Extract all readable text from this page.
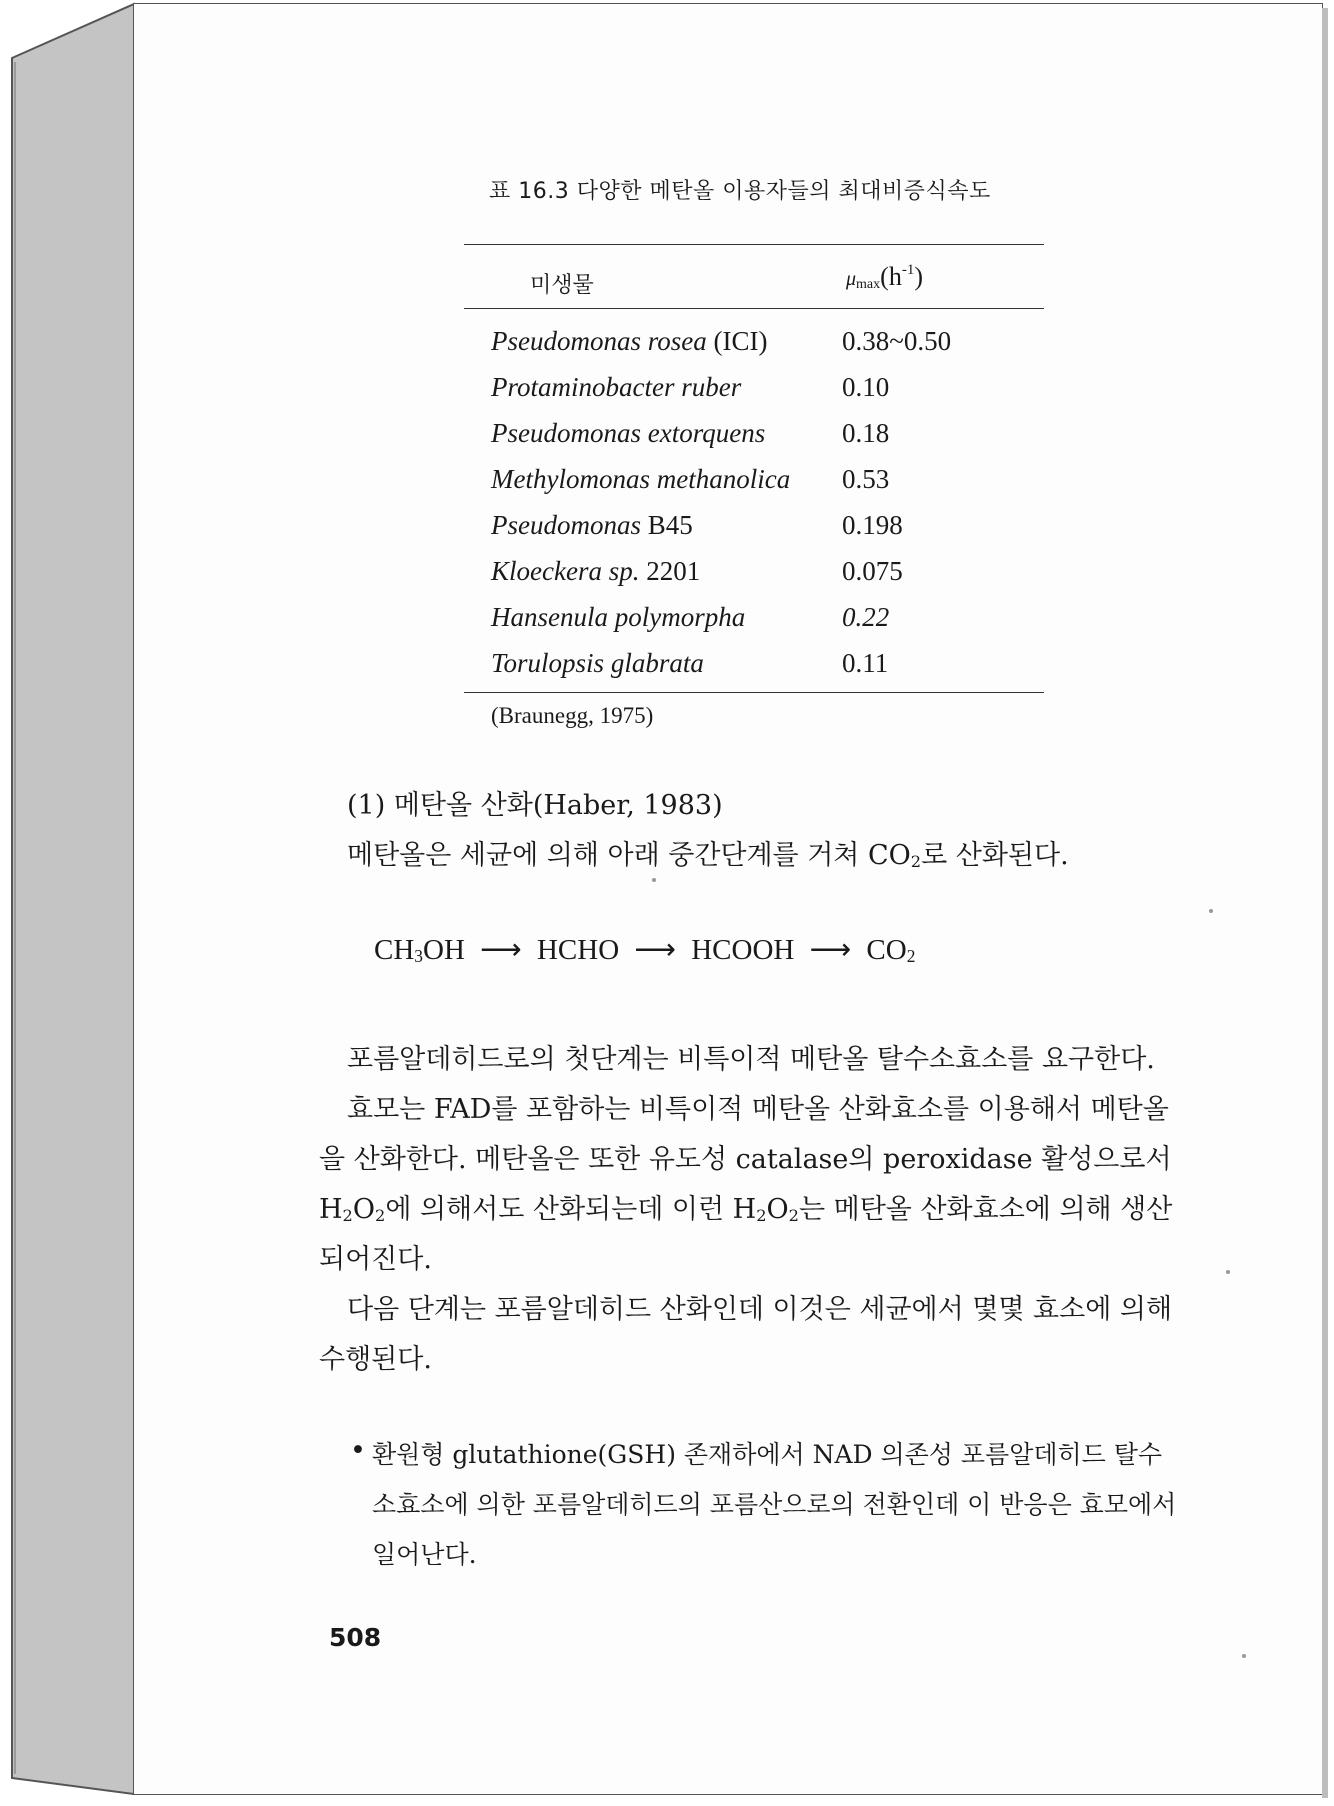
표 16.3 다양한 메탄올 이용자들의 최대비증식속도
미생물	$\mu\max(h^{-1})$
Pseudomonas rosea (ICI)	0.38~0.50
Protaminobacter ruber	0.10
Pseudomonas extorquens	0.18
Methylomonas methanolica 0.53
Pseudomonas B45	0.198
Kloeckera sp. 2201	0.075
Hansenula polymorpha	0.22
Torulopsis glabrata	0.11
(Braunegg, 1975)
(1) 메탄올 산화(Haber, 1983)
메탄올은 세균에 의해 아래 중간단계를 거쳐 $CO_2$로 산화된다.
$CH_3OH$ ⟶ HCHO ⟶ HCOOH ⟶ $CO_2$
포름알데히드로의 첫단계는 비특이적 메탄올 탈수소효소를 요구한다.
효모는 FAD를 포함하는 비특이적 메탄올 산화효소를 이용해서 메탄올
을 산화한다. 메탄올은 또한 유도성 catalase의 peroxidase 활성으로서
$H_2O_2$에 의해서도 산화되는데 이런 $H_2O_2$는 메탄올 산화효소에 의해 생산
되어진다.
다음 단계는 포름알데히드 산화인데 이것은 세균에서 몇몇 효소에 의해
수행된다.
• 환원형 glutathione(GSH) 존재하에서 NAD 의존성 포름알데히드 탈수
소효소에 의한 포름알데히드의 포름산으로의 전환인데 이 반응은 효모에서
일어난다.
508
